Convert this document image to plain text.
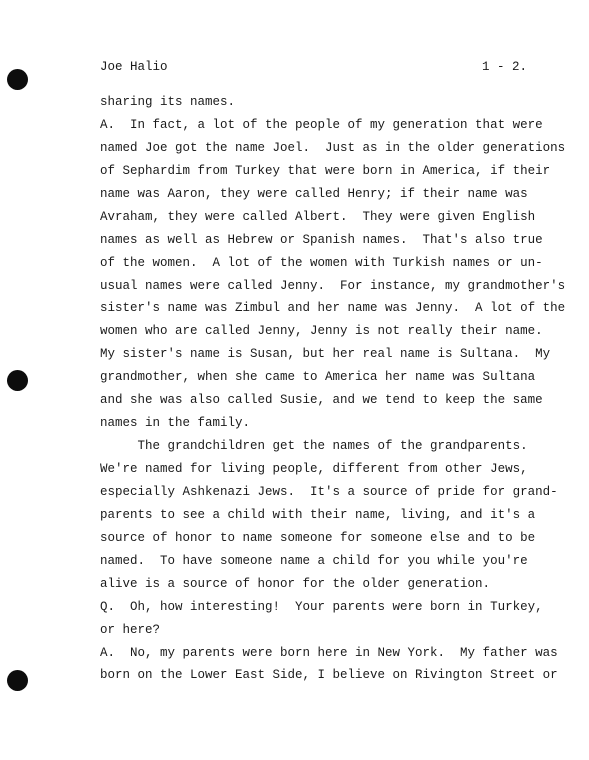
Joe Halio	1 - 2.
sharing its names.
A.  In fact, a lot of the people of my generation that were
named Joe got the name Joel.  Just as in the older generations
of Sephardim from Turkey that were born in America, if their
name was Aaron, they were called Henry; if their name was
Avraham, they were called Albert.  They were given English
names as well as Hebrew or Spanish names.  That's also true
of the women.  A lot of the women with Turkish names or un-
usual names were called Jenny.  For instance, my grandmother's
sister's name was Zimbul and her name was Jenny.  A lot of the
women who are called Jenny, Jenny is not really their name.
My sister's name is Susan, but her real name is Sultana.  My
grandmother, when she came to America her name was Sultana
and she was also called Susie, and we tend to keep the same
names in the family.
The grandchildren get the names of the grandparents.
We're named for living people, different from other Jews,
especially Ashkenazi Jews.  It's a source of pride for grand-
parents to see a child with their name, living, and it's a
source of honor to name someone for someone else and to be
named.  To have someone name a child for you while you're
alive is a source of honor for the older generation.
Q.  Oh, how interesting!  Your parents were born in Turkey,
or here?
A.  No, my parents were born here in New York.  My father was
born on the Lower East Side, I believe on Rivington Street or
